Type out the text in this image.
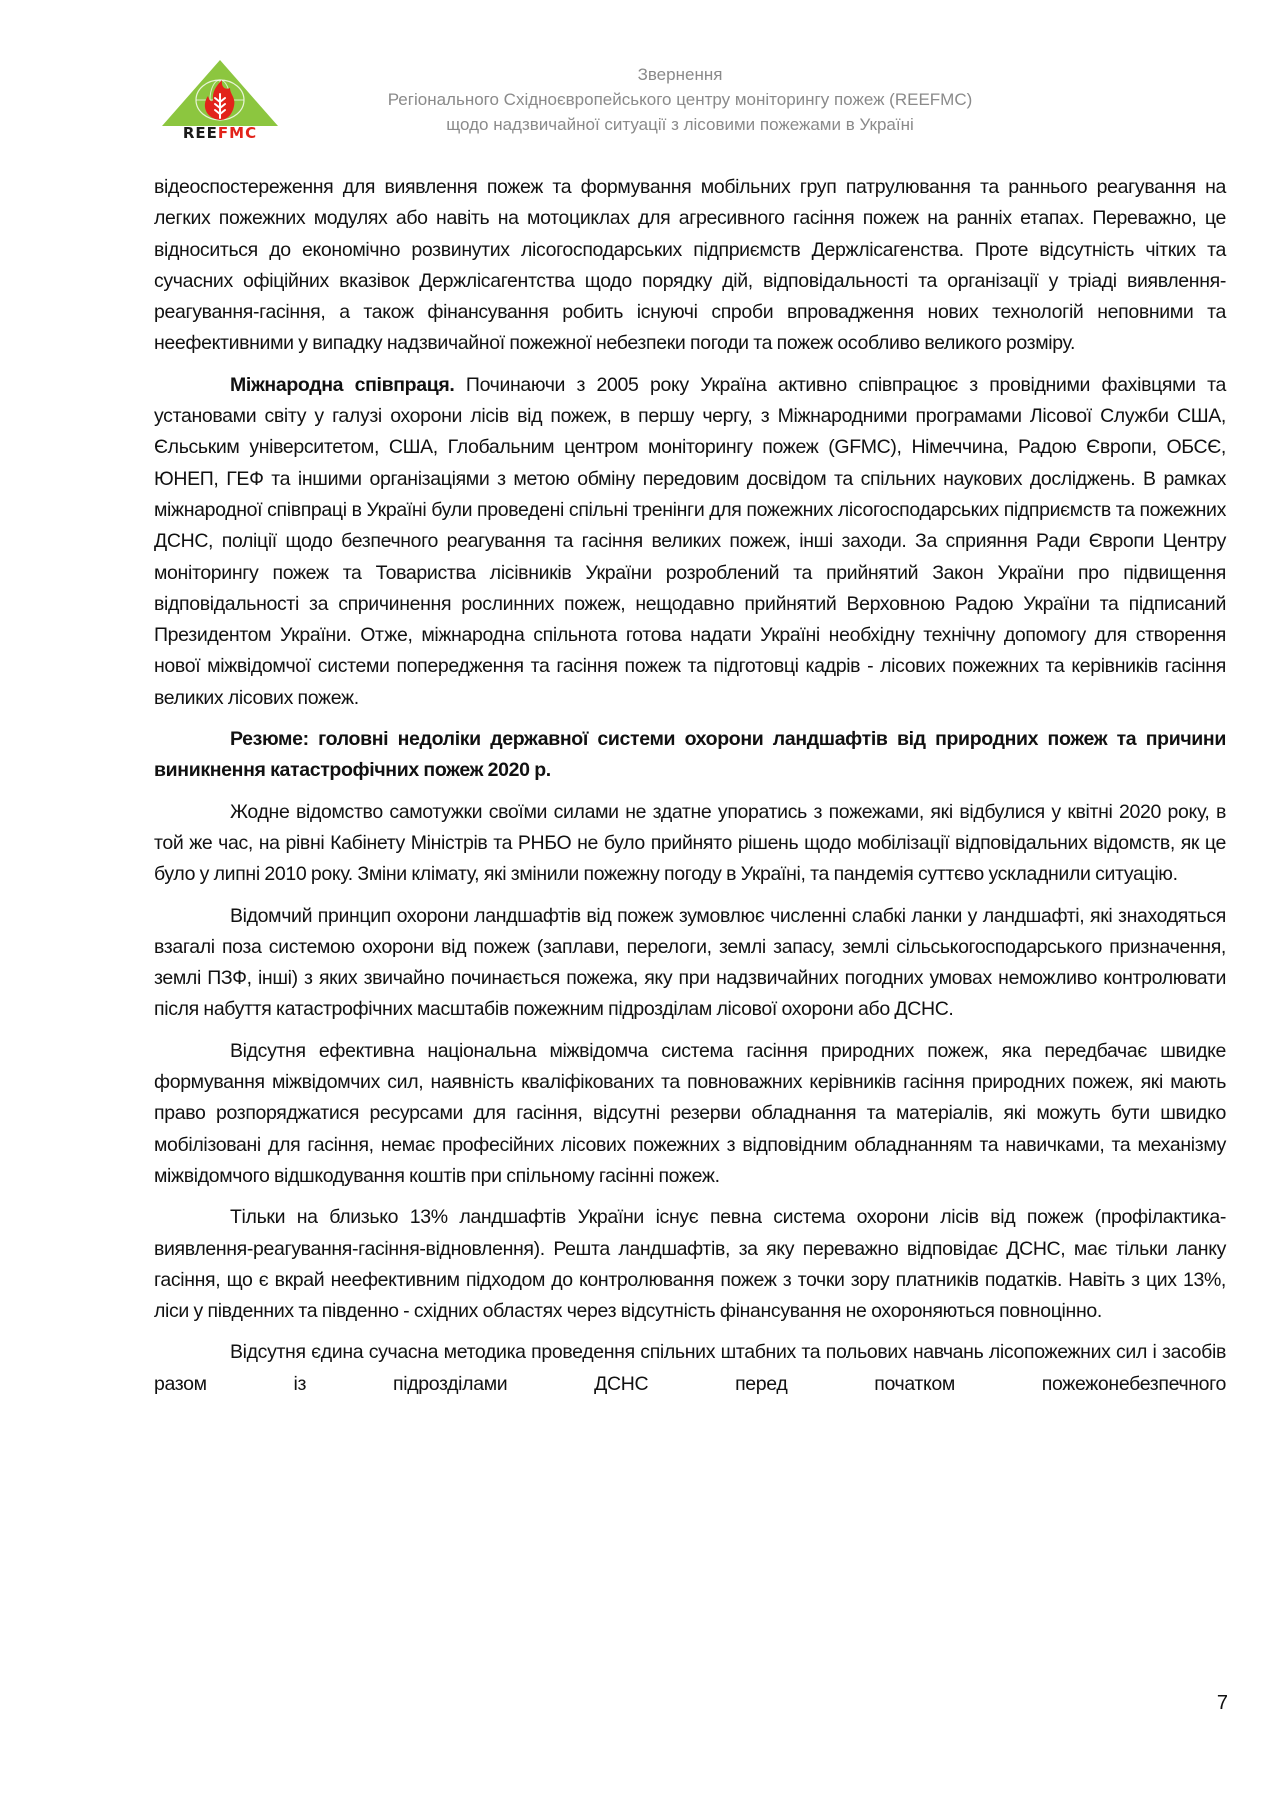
REEFMC
Звернення
Регіонального Східноєвропейського центру моніторингу пожеж (REEFMC)
щодо надзвичайної ситуації з лісовими пожежами в Україні

відеоспостереження для виявлення пожеж та формування мобільних груп патрулювання та раннього реагування на легких пожежних модулях або навіть на мотоциклах для агресивного гасіння пожеж на ранніх етапах. Переважно, це відноситься до економічно розвинутих лісогосподарських підприємств Держлісагенства. Проте відсутність чітких та сучасних офіційних вказівок Держлісагентства щодо порядку дій, відповідальності та організації у тріаді виявлення-реагування-гасіння, а також фінансування робить існуючі спроби впровадження нових технологій неповними та неефективними у випадку надзвичайної пожежної небезпеки погоди та пожеж особливо великого розміру.

Міжнародна співпраця. Починаючи з 2005 року Україна активно співпрацює з провідними фахівцями та установами світу у галузі охорони лісів від пожеж, в першу чергу, з Міжнародними програмами Лісової Служби США, Єльським університетом, США, Глобальним центром моніторингу пожеж (GFMC), Німеччина, Радою Європи, ОБСЄ, ЮНЕП, ГЕФ та іншими організаціями з метою обміну передовим досвідом та спільних наукових досліджень. В рамках міжнародної співпраці в Україні були проведені спільні тренінги для пожежних лісогосподарських підприємств та пожежних ДСНС, поліції щодо безпечного реагування та гасіння великих пожеж, інші заходи. За сприяння Ради Європи Центру моніторингу пожеж та Товариства лісівників України розроблений та прийнятий Закон України про підвищення відповідальності за спричинення рослинних пожеж, нещодавно прийнятий Верховною Радою України та підписаний Президентом України. Отже, міжнародна спільнота готова надати Україні необхідну технічну допомогу для створення нової міжвідомчої системи попередження та гасіння пожеж та підготовці кадрів - лісових пожежних та керівників гасіння великих лісових пожеж.

Резюме: головні недоліки державної системи охорони ландшафтів від природних пожеж та причини виникнення катастрофічних пожеж 2020 р.

Жодне відомство самотужки своїми силами не здатне упоратись з пожежами, які відбулися у квітні 2020 року, в той же час, на рівні Кабінету Міністрів та РНБО не було прийнято рішень щодо мобілізації відповідальних відомств, як це було у липні 2010 року. Зміни клімату, які змінили пожежну погоду в Україні, та пандемія суттєво ускладнили ситуацію.

Відомчий принцип охорони ландшафтів від пожеж зумовлює численні слабкі ланки у ландшафті, які знаходяться взагалі поза системою охорони від пожеж (заплави, перелоги, землі запасу, землі сільськогосподарського призначення, землі ПЗФ, інші) з яких звичайно починається пожежа, яку при надзвичайних погодних умовах неможливо контролювати після набуття катастрофічних масштабів пожежним підрозділам лісової охорони або ДСНС.

Відсутня ефективна національна міжвідомча система гасіння природних пожеж, яка передбачає швидке формування міжвідомчих сил, наявність кваліфікованих та повноважних керівників гасіння природних пожеж, які мають право розпоряджатися ресурсами для гасіння, відсутні резерви обладнання та матеріалів, які можуть бути швидко мобілізовані для гасіння, немає професійних лісових пожежних з відповідним обладнанням та навичками, та механізму міжвідомчого відшкодування коштів при спільному гасінні пожеж.

Тільки на близько 13% ландшафтів України існує певна система охорони лісів від пожеж (профілактика-виявлення-реагування-гасіння-відновлення). Решта ландшафтів, за яку переважно відповідає ДСНС, має тільки ланку гасіння, що є вкрай неефективним підходом до контролювання пожеж з точки зору платників податків. Навіть з цих 13%, ліси у південних та південно - східних областях через відсутність фінансування не охороняються повноцінно.

Відсутня єдина сучасна методика проведення спільних штабних та польових навчань лісопожежних сил і засобів разом із підрозділами ДСНС перед початком пожежонебезпечного

7
